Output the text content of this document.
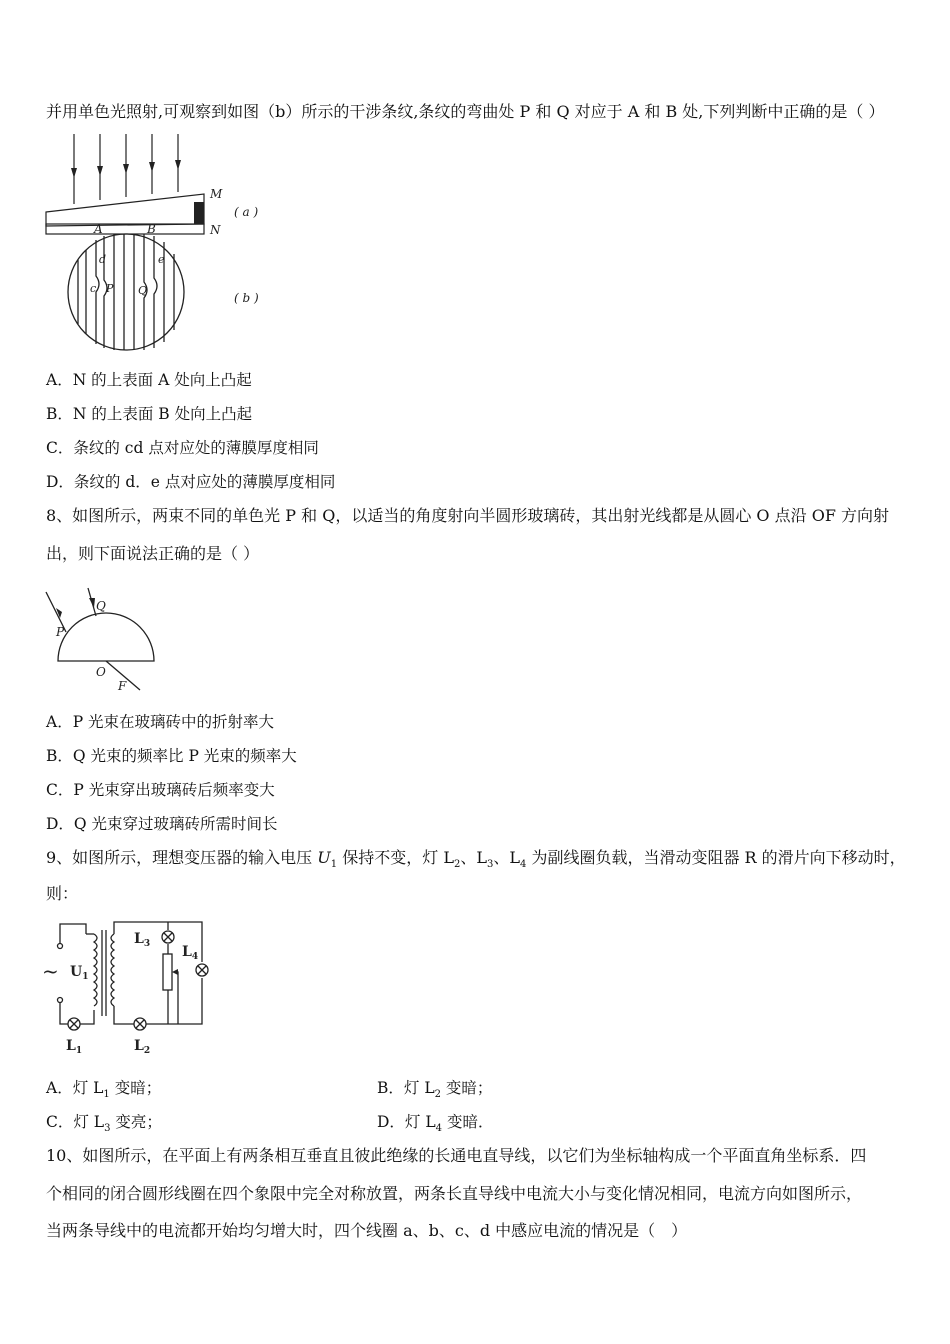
并用单色光照射,可观察到如图（b）所示的干涉条纹,条纹的弯曲处 P 和 Q 对应于 A 和 B 处,下列判断中正确的是（ ）
M
N
A	B
( a )
( b )
P Q
c
d	e
A．N 的上表面 A 处向上凸起
B．N 的上表面 B 处向上凸起
C．条纹的 cd 点对应处的薄膜厚度相同
D．条纹的 d．e 点对应处的薄膜厚度相同
8、如图所示，两束不同的单色光 P 和 Q，以适当的角度射向半圆形玻璃砖，其出射光线都是从圆心 O 点沿 OF 方向射
出，则下面说法正确的是（ ）
P
Q
O
F
A．P 光束在玻璃砖中的折射率大
B．Q 光束的频率比 P 光束的频率大
C．P 光束穿出玻璃砖后频率变大
D．Q 光束穿过玻璃砖所需时间长
9、如图所示，理想变压器的输入电压 $U_1$ 保持不变，灯 $L_2$、$L_3$、$L_4$ 为副线圈负载，当滑动变阻器 R 的滑片向下移动时，
则：
$L_3$ $L_4$
$U_1$
$L_1$	$L_2$
~
A．灯 $L_1$ 变暗；	B．灯 $L_2$ 变暗；
C．灯 $L_3$ 变亮；	D．灯 $L_4$ 变暗．
10、如图所示，在平面上有两条相互垂直且彼此绝缘的长通电直导线，以它们为坐标轴构成一个平面直角坐标系．四
个相同的闭合圆形线圈在四个象限中完全对称放置，两条长直导线中电流大小与变化情况相同，电流方向如图所示，
当两条导线中的电流都开始均匀增大时，四个线圈 a、b、c、d 中感应电流的情况是（　）
